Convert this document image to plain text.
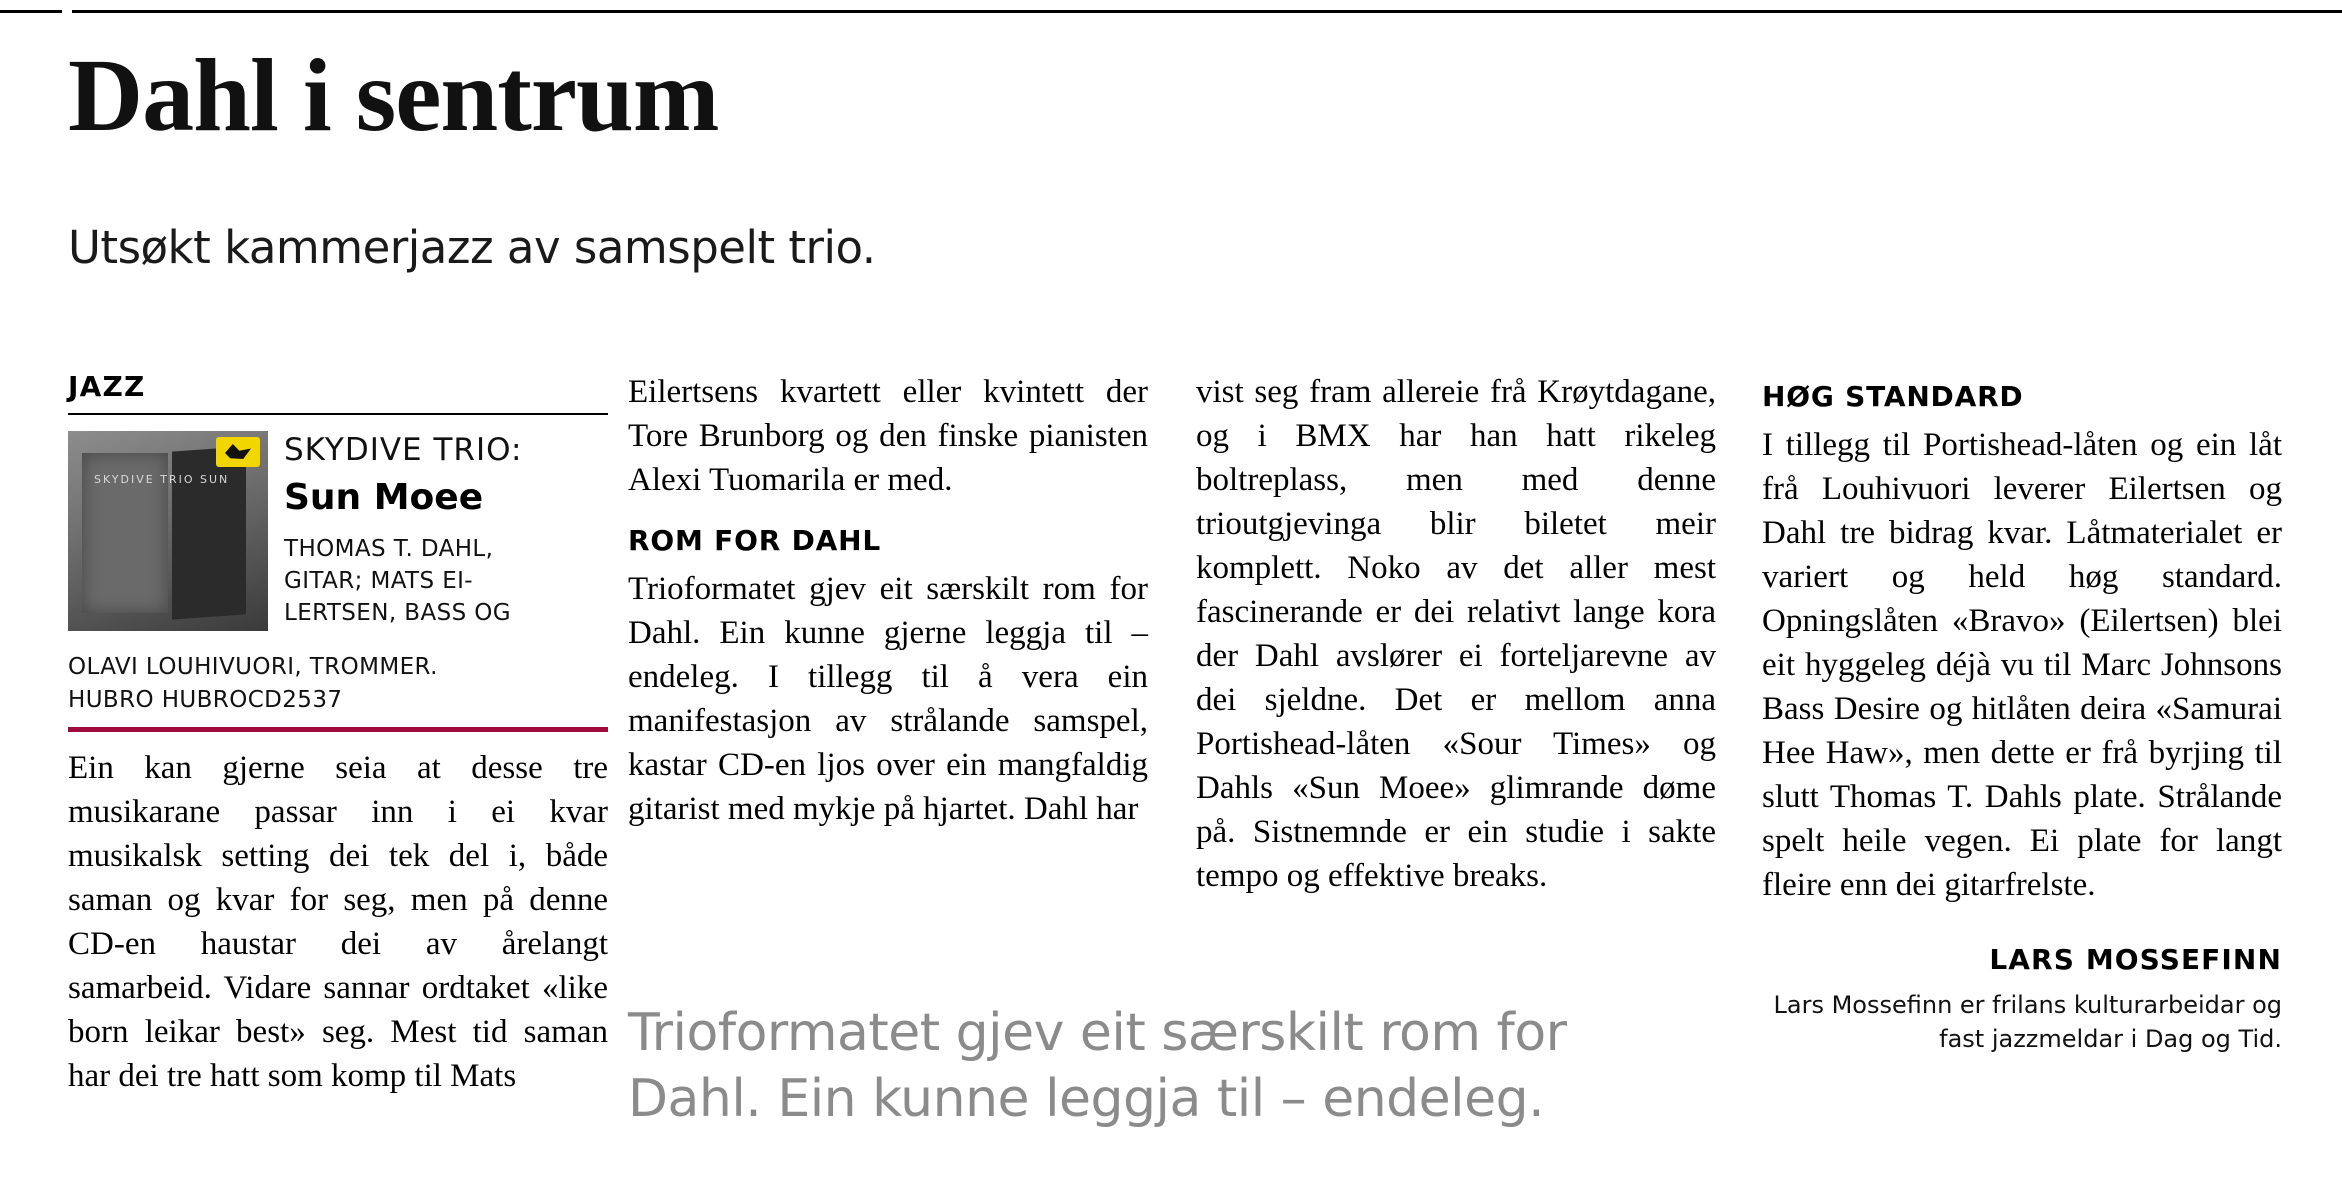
Dahl i sentrum
Utsøkt kammerjazz av samspelt trio.
JAZZ
SKYDIVE TRIO SUN
SKYDIVE TRIO:
Sun Moee
THOMAS T. DAHL,
GITAR; MATS EI-
LERTSEN, BASS OG
OLAVI LOUHIVUORI, TROMMER.
HUBRO HUBROCD2537

Ein kan gjerne seia at desse tre musikarane passar inn i ei kvar musikalsk setting dei tek del i, både saman og kvar for seg, men på denne CD-en haustar dei av årelangt samarbeid. Vidare sannar ordtaket «like born leikar best» seg. Mest tid saman har dei tre hatt som komp til Mats

Eilertsens kvartett eller kvintett der Tore Brunborg og den finske pianisten Alexi Tuomarila er med.

ROM FOR DAHL

Trioformatet gjev eit særskilt rom for Dahl. Ein kunne gjerne leggja til – endeleg. I tillegg til å vera ein manifestasjon av strålande samspel, kastar CD-en ljos over ein mangfaldig gitarist med mykje på hjartet. Dahl har

vist seg fram allereie frå Krøytdagane, og i BMX har han hatt rikeleg boltreplass, men med denne trioutgjevinga blir biletet meir komplett. Noko av det aller mest fascinerande er dei relativt lange kora der Dahl avslører ei forteljarevne av dei sjeldne. Det er mellom anna Portishead-låten «Sour Times» og Dahls «Sun Moee» glimrande døme på. Sistnemnde er ein studie i sakte tempo og effektive breaks.

HØG STANDARD

I tillegg til Portishead-låten og ein låt frå Louhivuori leverer Eilertsen og Dahl tre bidrag kvar. Låtmaterialet er variert og held høg standard. Opningslåten «Bravo» (Eilertsen) blei eit hyggeleg déjà vu til Marc Johnsons Bass Desire og hitlåten deira «Samurai Hee Haw», men dette er frå byrjing til slutt Thomas T. Dahls plate. Strålande spelt heile vegen. Ei plate for langt fleire enn dei gitarfrelste.

LARS MOSSEFINN
Lars Mossefinn er frilans kulturarbeidar og fast jazzmeldar i Dag og Tid.
Trioformatet gjev eit særskilt rom for Dahl. Ein kunne leggja til – endeleg.
